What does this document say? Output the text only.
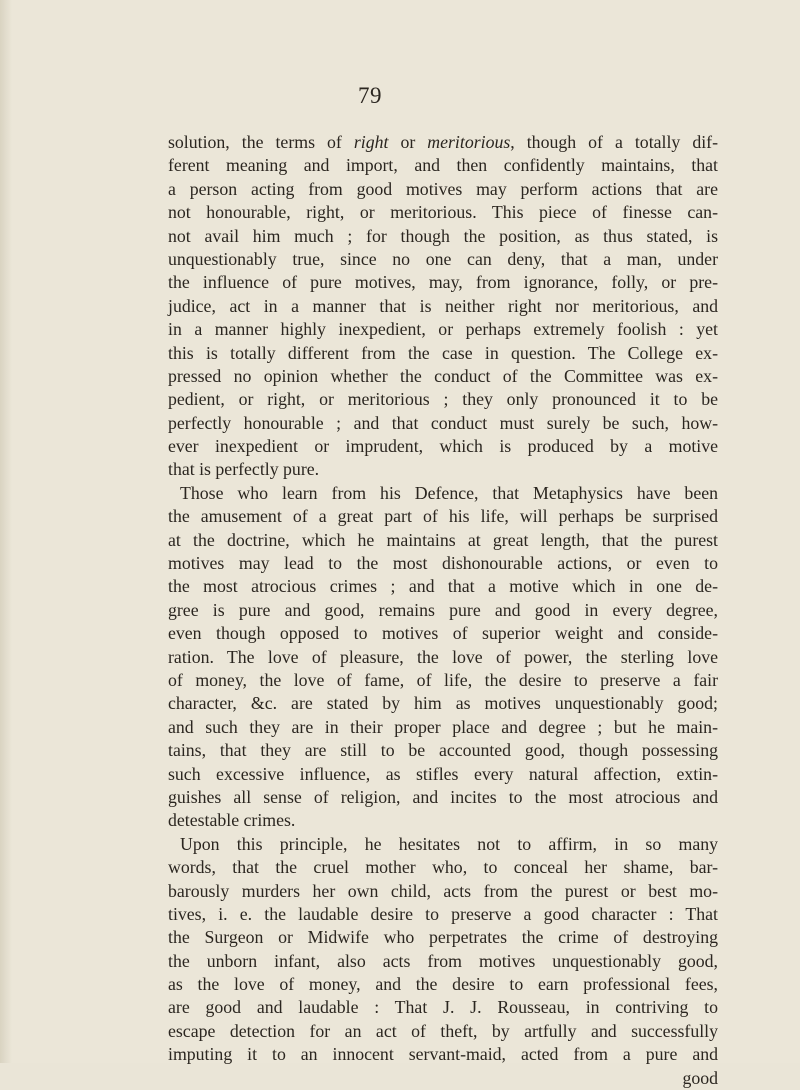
79
solution, the terms of right or meritorious, though of a totally dif-
ferent meaning and import, and then confidently maintains, that
a person acting from good motives may perform actions that are
not honourable, right, or meritorious. This piece of finesse can-
not avail him much ; for though the position, as thus stated, is
unquestionably true, since no one can deny, that a man, under
the influence of pure motives, may, from ignorance, folly, or pre-
judice, act in a manner that is neither right nor meritorious, and
in a manner highly inexpedient, or perhaps extremely foolish : yet
this is totally different from the case in question. The College ex-
pressed no opinion whether the conduct of the Committee was ex-
pedient, or right, or meritorious ; they only pronounced it to be
perfectly honourable ; and that conduct must surely be such, how-
ever inexpedient or imprudent, which is produced by a motive
that is perfectly pure.
Those who learn from his Defence, that Metaphysics have been
the amusement of a great part of his life, will perhaps be surprised
at the doctrine, which he maintains at great length, that the purest
motives may lead to the most dishonourable actions, or even to
the most atrocious crimes ; and that a motive which in one de-
gree is pure and good, remains pure and good in every degree,
even though opposed to motives of superior weight and conside-
ration. The love of pleasure, the love of power, the sterling love
of money, the love of fame, of life, the desire to preserve a fair
character, &c. are stated by him as motives unquestionably good;
and such they are in their proper place and degree ; but he main-
tains, that they are still to be accounted good, though possessing
such excessive influence, as stifles every natural affection, extin-
guishes all sense of religion, and incites to the most atrocious and
detestable crimes.
Upon this principle, he hesitates not to affirm, in so many
words, that the cruel mother who, to conceal her shame, bar-
barously murders her own child, acts from the purest or best mo-
tives, i. e. the laudable desire to preserve a good character : That
the Surgeon or Midwife who perpetrates the crime of destroying
the unborn infant, also acts from motives unquestionably good,
as the love of money, and the desire to earn professional fees,
are good and laudable : That J. J. Rousseau, in contriving to
escape detection for an act of theft, by artfully and successfully
imputing it to an innocent servant-maid, acted from a pure and
good
